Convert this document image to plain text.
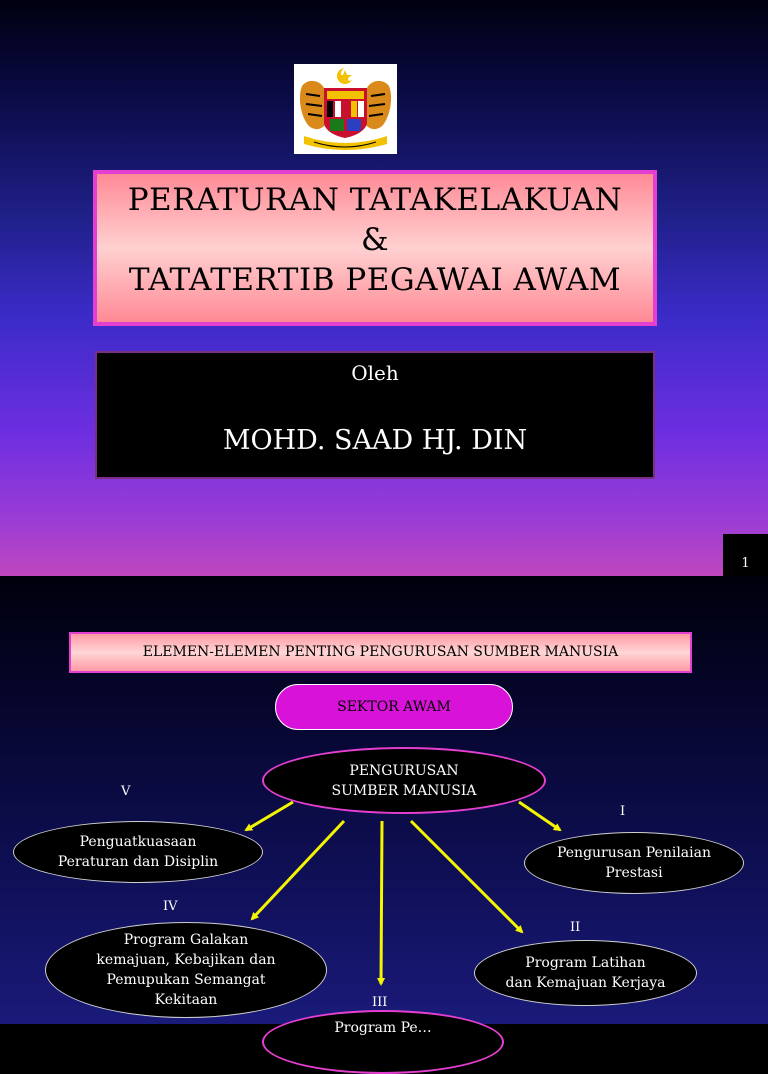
PERATURAN TATAKELAKUAN
&
TATATERTIB PEGAWAI AWAM
Oleh
MOHD. SAAD HJ. DIN
1
ELEMEN-ELEMEN PENTING PENGURUSAN SUMBER MANUSIA
SEKTOR AWAM
PENGURUSAN
SUMBER MANUSIA
V
Penguatkuasaan
Peraturan dan Disiplin
I
Pengurusan Penilaian
Prestasi
IV
Program Galakan
kemajuan, Kebajikan dan
Pemupukan Semangat
Kekitaan
II
Program Latihan
dan Kemajuan Kerjaya
III
Program Pe…
